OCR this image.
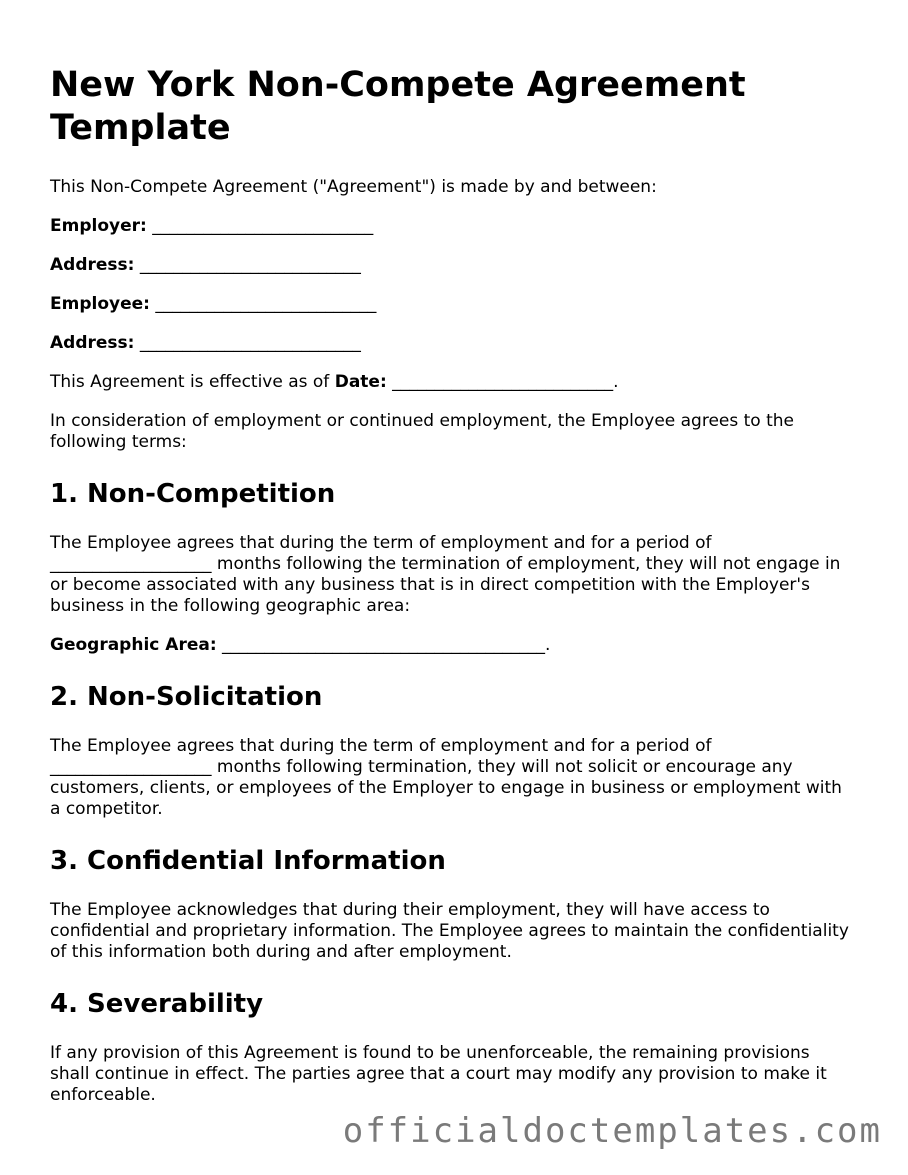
New York Non-Compete Agreement Template

This Non-Compete Agreement ("Agreement") is made by and between:

Employer: __________________________

Address: __________________________

Employee: __________________________

Address: __________________________

This Agreement is effective as of Date: __________________________.

In consideration of employment or continued employment, the Employee agrees to the following terms:

1. Non-Competition

The Employee agrees that during the term of employment and for a period of ___________________ months following the termination of employment, they will not engage in or become associated with any business that is in direct competition with the Employer's business in the following geographic area:

Geographic Area: ______________________________________.

2. Non-Solicitation

The Employee agrees that during the term of employment and for a period of ___________________ months following termination, they will not solicit or encourage any customers, clients, or employees of the Employer to engage in business or employment with a competitor.

3. Confidential Information

The Employee acknowledges that during their employment, they will have access to confidential and proprietary information. The Employee agrees to maintain the confidentiality of this information both during and after employment.

4. Severability

If any provision of this Agreement is found to be unenforceable, the remaining provisions shall continue in effect. The parties agree that a court may modify any provision to make it enforceable.

officialdoctemplates.com
